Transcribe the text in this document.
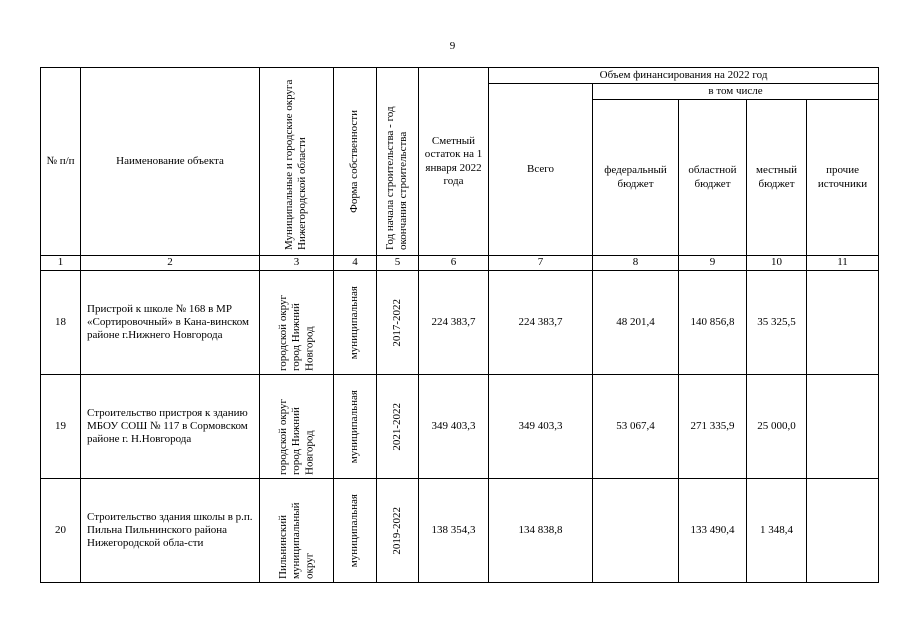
9
№ п/п	Наименование объекта	Муниципальные и городские округа Нижегородской области	Форма собственности	Год начала строительства - год окончания строительства	Сметный остаток на 1 января 2022 года	Объем финансирования на 2022 год				
						Всего	в том числе			

							федеральный бюджет	областной бюджет	местный бюджет	прочие источники

1	2	3	4	5	6	7	8	9	10	11
18	Пристрой к школе № 168 в МР «Сортировочный» в Кана-винском районе г.Нижнего Новгорода	городской округ город Нижний Новгород	муниципальная	2017-2022	224 383,7	224 383,7	48 201,4	140 856,8	35 325,5	
19	Строительство пристроя к зданию МБОУ СОШ № 117 в Сормовском районе г. Н.Новгорода	городской округ город Нижний Новгород	муниципальная	2021-2022	349 403,3	349 403,3	53 067,4	271 335,9	25 000,0	
20	Строительство здания школы в р.п. Пильна Пильнинского района Нижегородской обла-сти	Пильнинский муниципальный округ	муниципальная	2019-2022	138 354,3	134 838,8		133 490,4	1 348,4	
